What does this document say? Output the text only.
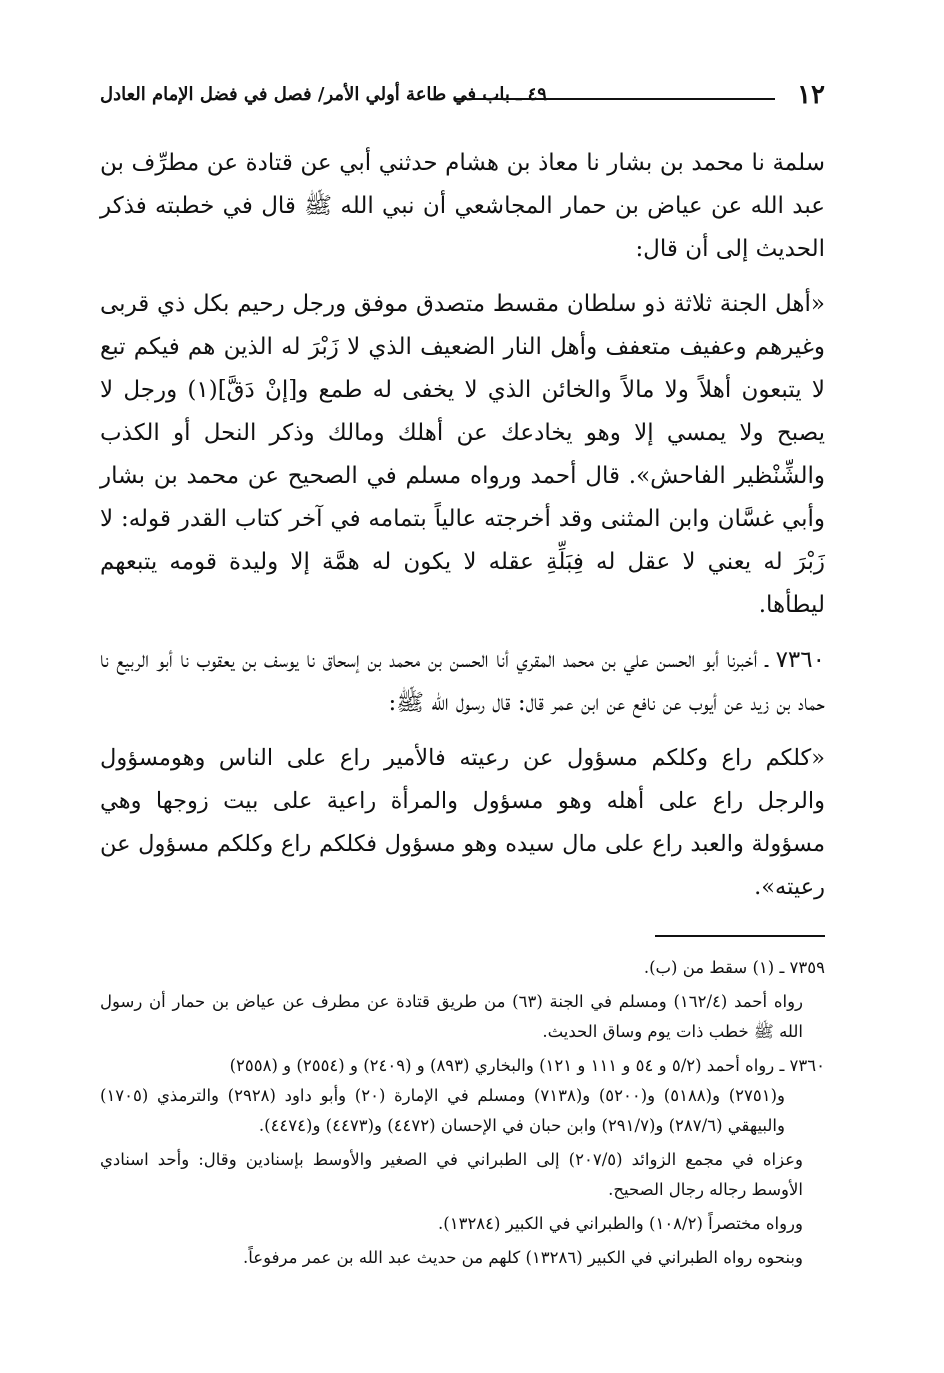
١٢
٤٩ ـ باب في طاعة أولي الأمر/ فصل في فضل الإمام العادل

سلمة نا محمد بن بشار نا معاذ بن هشام حدثني أبي عن قتادة عن مطرِّف بن عبد الله عن عياض بن حمار المجاشعي أن نبي الله ﷺ قال في خطبته فذكر الحديث إلى أن قال:

«أهل الجنة ثلاثة ذو سلطان مقسط متصدق موفق ورجل رحيم بكل ذي قربى وغيرهم وعفيف متعفف وأهل النار الضعيف الذي لا زَبْرَ له الذين هم فيكم تبع لا يتبعون أهلاً ولا مالاً والخائن الذي لا يخفى له طمع و[إنْ دَقَّ](١) ورجل لا يصبح ولا يمسي إلا وهو يخادعك عن أهلك ومالك وذكر النحل أو الكذب والشِّنْظير الفاحش». قال أحمد ورواه مسلم في الصحيح عن محمد بن بشار وأبي غسَّان وابن المثنى وقد أخرجته عالياً بتمامه في آخر كتاب القدر قوله: لا زَبْرَ له يعني لا عقل له فِبَلِّةِ عقله لا يكون له همَّة إلا وليدة قومه يتبعهم ليطأها.

٧٣٦٠ ـ أخبرنا أبو الحسن علي بن محمد المقري أنا الحسن بن محمد بن إسحاق نا يوسف بن يعقوب نا أبو الربيع نا حماد بن زيد عن أيوب عن نافع عن ابن عمر قال: قال رسول الله ﷺ:

«كلكم راع وكلكم مسؤول عن رعيته فالأمير راع على الناس وهومسؤول والرجل راع على أهله وهو مسؤول والمرأة راعية على بيت زوجها وهي مسؤولة والعبد راع على مال سيده وهو مسؤول فكلكم راع وكلكم مسؤول عن رعيته».

٧٣٥٩ ـ (١) سقط من (ب).

رواه أحمد (١٦٢/٤) ومسلم في الجنة (٦٣) من طريق قتادة عن مطرف عن عياض بن حمار أن رسول الله ﷺ خطب ذات يوم وساق الحديث.

٧٣٦٠ ـ رواه أحمد (٥/٢ و ٥٤ و ١١١ و ١٢١) والبخاري (٨٩٣) و (٢٤٠٩) و (٢٥٥٤) و (٢٥٥٨)

و(٢٧٥١) و(٥١٨٨) و(٥٢٠٠) و(٧١٣٨) ومسلم في الإمارة (٢٠) وأبو داود (٢٩٢٨) والترمذي (١٧٠٥) والبيهقي (٢٨٧/٦) و(٢٩١/٧) وابن حبان في الإحسان (٤٤٧٢) و(٤٤٧٣) و(٤٤٧٤).

وعزاه في مجمع الزوائد (٢٠٧/٥) إلى الطبراني في الصغير والأوسط بإسنادين وقال: وأحد اسنادي الأوسط رجاله رجال الصحيح.

ورواه مختصراً (١٠٨/٢) والطبراني في الكبير (١٣٢٨٤).

وبنحوه رواه الطبراني في الكبير (١٣٢٨٦) كلهم من حديث عبد الله بن عمر مرفوعاً.
